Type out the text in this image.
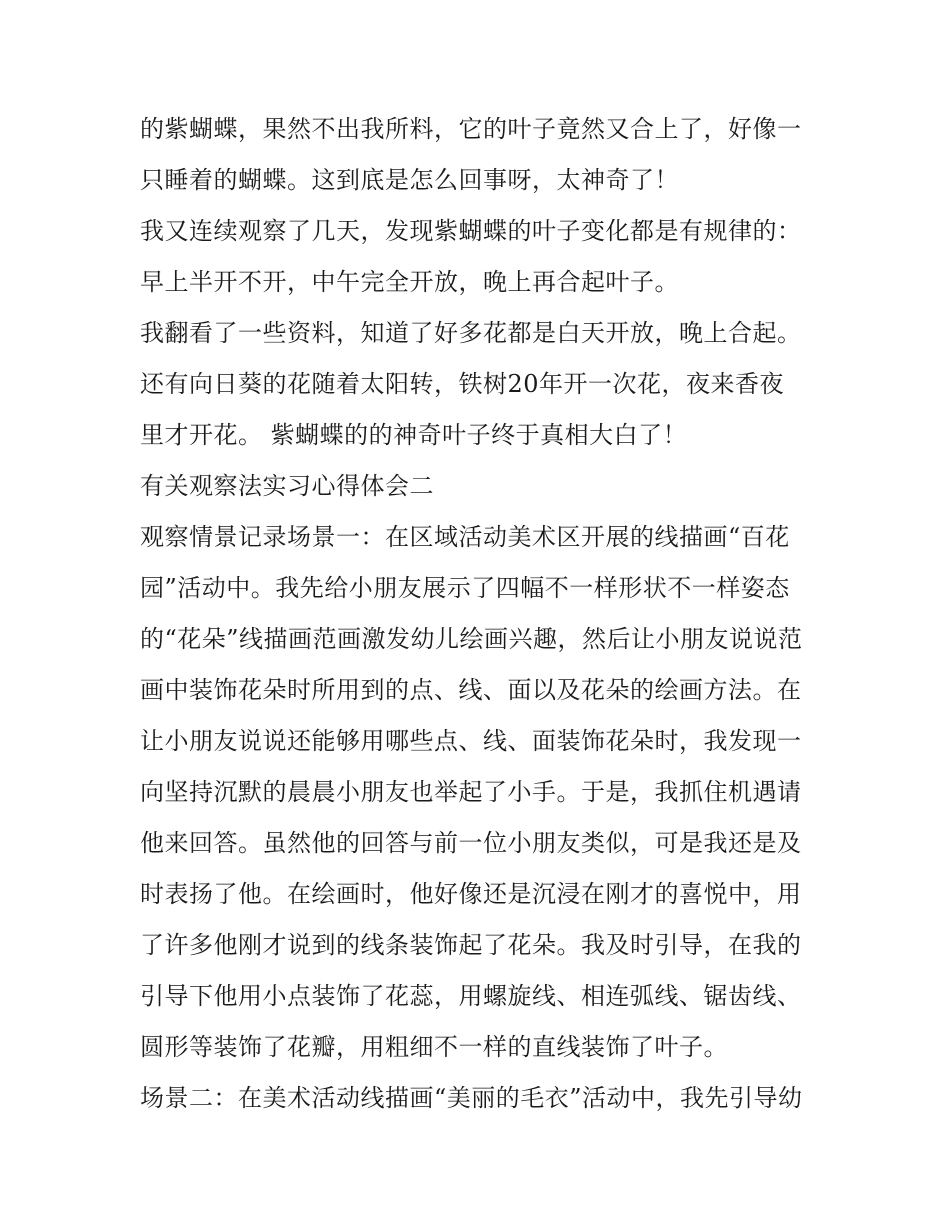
的紫蝴蝶，果然不出我所料，它的叶子竟然又合上了，好像一
只睡着的蝴蝶。这到底是怎么回事呀，太神奇了！

我又连续观察了几天，发现紫蝴蝶的叶子变化都是有规律的：
早上半开不开，中午完全开放，晚上再合起叶子。

我翻看了一些资料，知道了好多花都是白天开放，晚上合起。
还有向日葵的花随着太阳转，铁树20年开一次花，夜来香夜
里才开花。 紫蝴蝶的的神奇叶子终于真相大白了！

有关观察法实习心得体会二

观察情景记录场景一：在区域活动美术区开展的线描画“百花
园”活动中。我先给小朋友展示了四幅不一样形状不一样姿态
的“花朵”线描画范画激发幼儿绘画兴趣，然后让小朋友说说范
画中装饰花朵时所用到的点、线、面以及花朵的绘画方法。在
让小朋友说说还能够用哪些点、线、面装饰花朵时，我发现一
向坚持沉默的晨晨小朋友也举起了小手。于是，我抓住机遇请
他来回答。虽然他的回答与前一位小朋友类似，可是我还是及
时表扬了他。在绘画时，他好像还是沉浸在刚才的喜悦中，用
了许多他刚才说到的线条装饰起了花朵。我及时引导，在我的
引导下他用小点装饰了花蕊，用螺旋线、相连弧线、锯齿线、
圆形等装饰了花瓣，用粗细不一样的直线装饰了叶子。

场景二：在美术活动线描画“美丽的毛衣”活动中，我先引导幼
